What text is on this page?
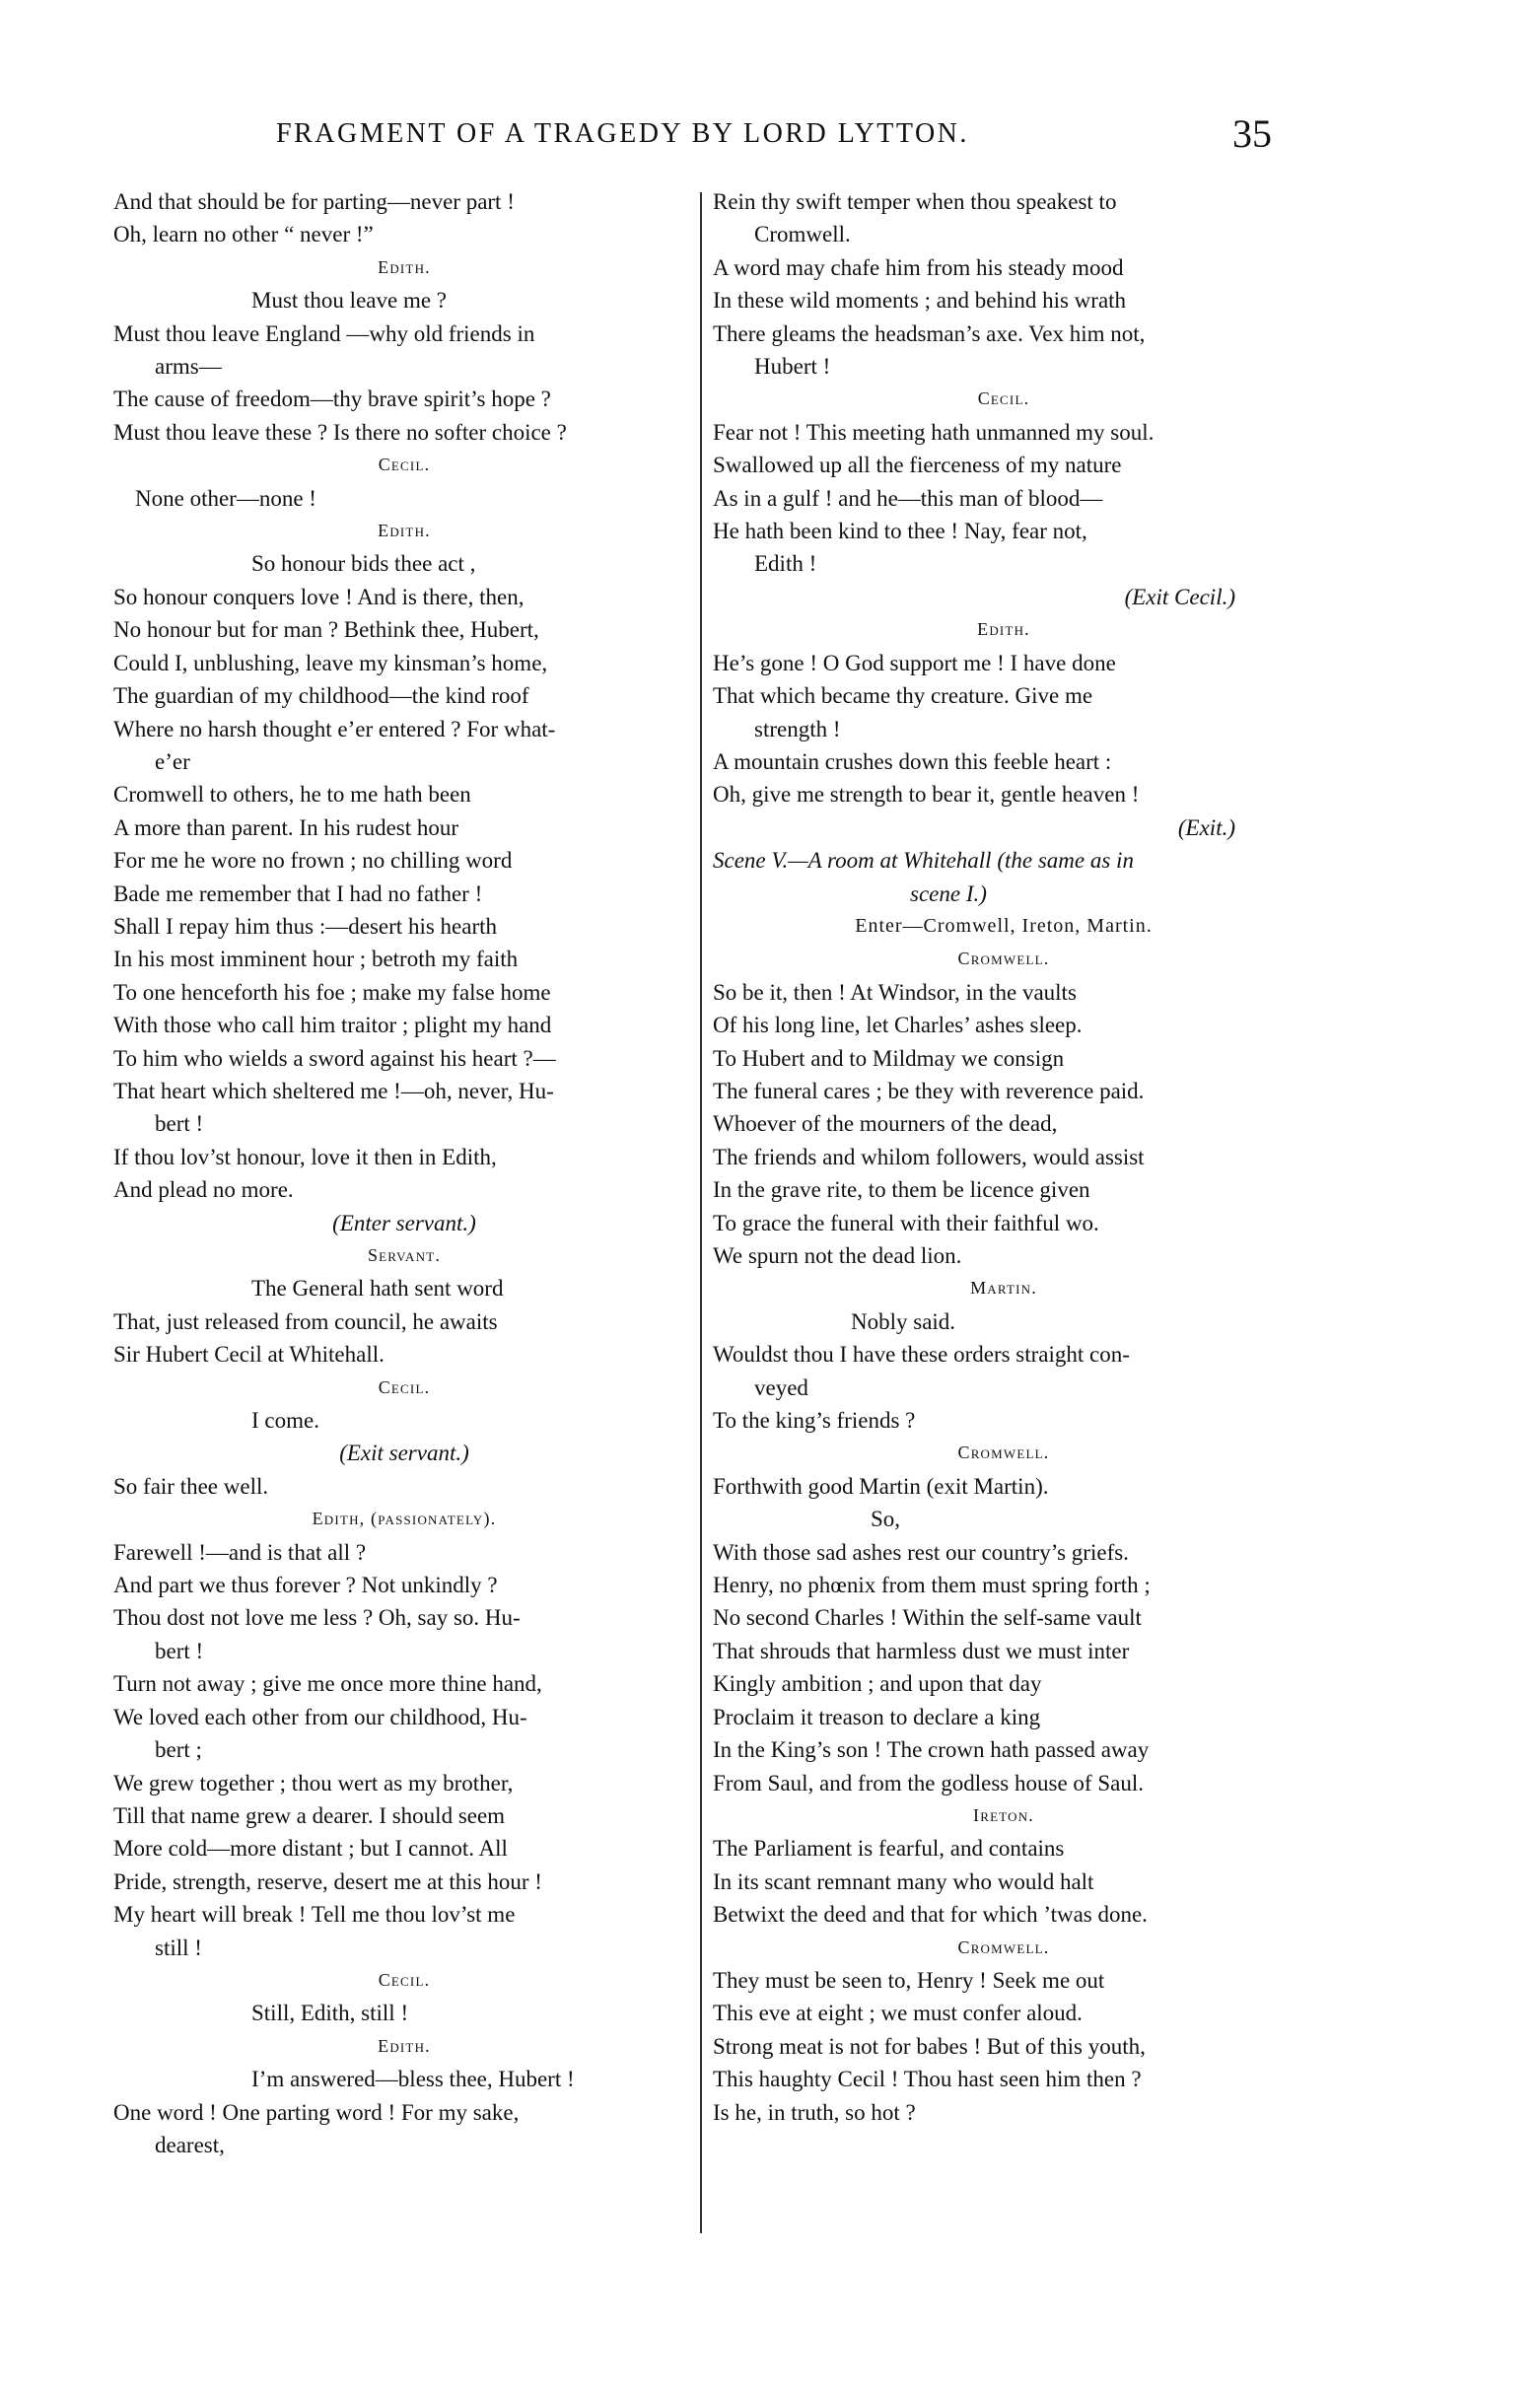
FRAGMENT OF A TRAGEDY BY LORD LYTTON.	35
And that should be for parting—never part !
Oh, learn no other “ never !”
Edith.
Must thou leave me ?
Must thou leave England —why old friends in
arms—
The cause of freedom—thy brave spirit’s hope ?
Must thou leave these ? Is there no softer choice ?
Cecil.
None other—none !
Edith.
So honour bids thee act ,
So honour conquers love ! And is there, then,
No honour but for man ? Bethink thee, Hubert,
Could I, unblushing, leave my kinsman’s home,
The guardian of my childhood—the kind roof
Where no harsh thought e’er entered ? For what-
e’er
Cromwell to others, he to me hath been
A more than parent. In his rudest hour
For me he wore no frown ; no chilling word
Bade me remember that I had no father !
Shall I repay him thus :—desert his hearth
In his most imminent hour ; betroth my faith
To one henceforth his foe ; make my false home
With those who call him traitor ; plight my hand
To him who wields a sword against his heart ?—
That heart which sheltered me !—oh, never, Hu-
bert !
If thou lov’st honour, love it then in Edith,
And plead no more.
(Enter servant.)
Servant.
The General hath sent word
That, just released from council, he awaits
Sir Hubert Cecil at Whitehall.
Cecil.
I come.
(Exit servant.)
So fair thee well.
Edith, (passionately).
Farewell !—and is that all ?
And part we thus forever ? Not unkindly ?
Thou dost not love me less ? Oh, say so. Hu-
bert !
Turn not away ; give me once more thine hand,
We loved each other from our childhood, Hu-
bert ;
We grew together ; thou wert as my brother,
Till that name grew a dearer. I should seem
More cold—more distant ; but I cannot. All
Pride, strength, reserve, desert me at this hour !
My heart will break ! Tell me thou lov’st me
still !
Cecil.
Still, Edith, still !
Edith.
I’m answered—bless thee, Hubert !
One word ! One parting word ! For my sake,
dearest,
Rein thy swift temper when thou speakest to
Cromwell.
A word may chafe him from his steady mood
In these wild moments ; and behind his wrath
There gleams the headsman’s axe. Vex him not,
Hubert !
Cecil.
Fear not ! This meeting hath unmanned my soul.
Swallowed up all the fierceness of my nature
As in a gulf ! and he—this man of blood—
He hath been kind to thee ! Nay, fear not,
Edith !
(Exit Cecil.)
Edith.
He’s gone ! O God support me ! I have done
That which became thy creature. Give me
strength !
A mountain crushes down this feeble heart :
Oh, give me strength to bear it, gentle heaven !
(Exit.)
Scene V.—A room at Whitehall (the same as in
scene I.)
Enter—Cromwell, Ireton, Martin.
Cromwell.
So be it, then ! At Windsor, in the vaults
Of his long line, let Charles’ ashes sleep.
To Hubert and to Mildmay we consign
The funeral cares ; be they with reverence paid.
Whoever of the mourners of the dead,
The friends and whilom followers, would assist
In the grave rite, to them be licence given
To grace the funeral with their faithful wo.
We spurn not the dead lion.
Martin.
Nobly said.
Wouldst thou I have these orders straight con-
veyed
To the king’s friends ?
Cromwell.
Forthwith good Martin (exit Martin).
So,
With those sad ashes rest our country’s griefs.
Henry, no phœnix from them must spring forth ;
No second Charles ! Within the self-same vault
That shrouds that harmless dust we must inter
Kingly ambition ; and upon that day
Proclaim it treason to declare a king
In the King’s son ! The crown hath passed away
From Saul, and from the godless house of Saul.
Ireton.
The Parliament is fearful, and contains
In its scant remnant many who would halt
Betwixt the deed and that for which ’twas done.
Cromwell.
They must be seen to, Henry ! Seek me out
This eve at eight ; we must confer aloud.
Strong meat is not for babes ! But of this youth,
This haughty Cecil ! Thou hast seen him then ?
Is he, in truth, so hot ?
